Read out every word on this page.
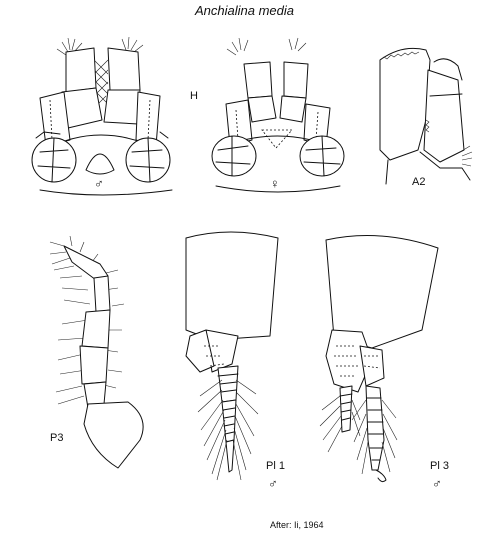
Anchialina media
H
♂	♀	A2
P3
Pl 1
♂
Pl 3
♂
After: Ii, 1964
